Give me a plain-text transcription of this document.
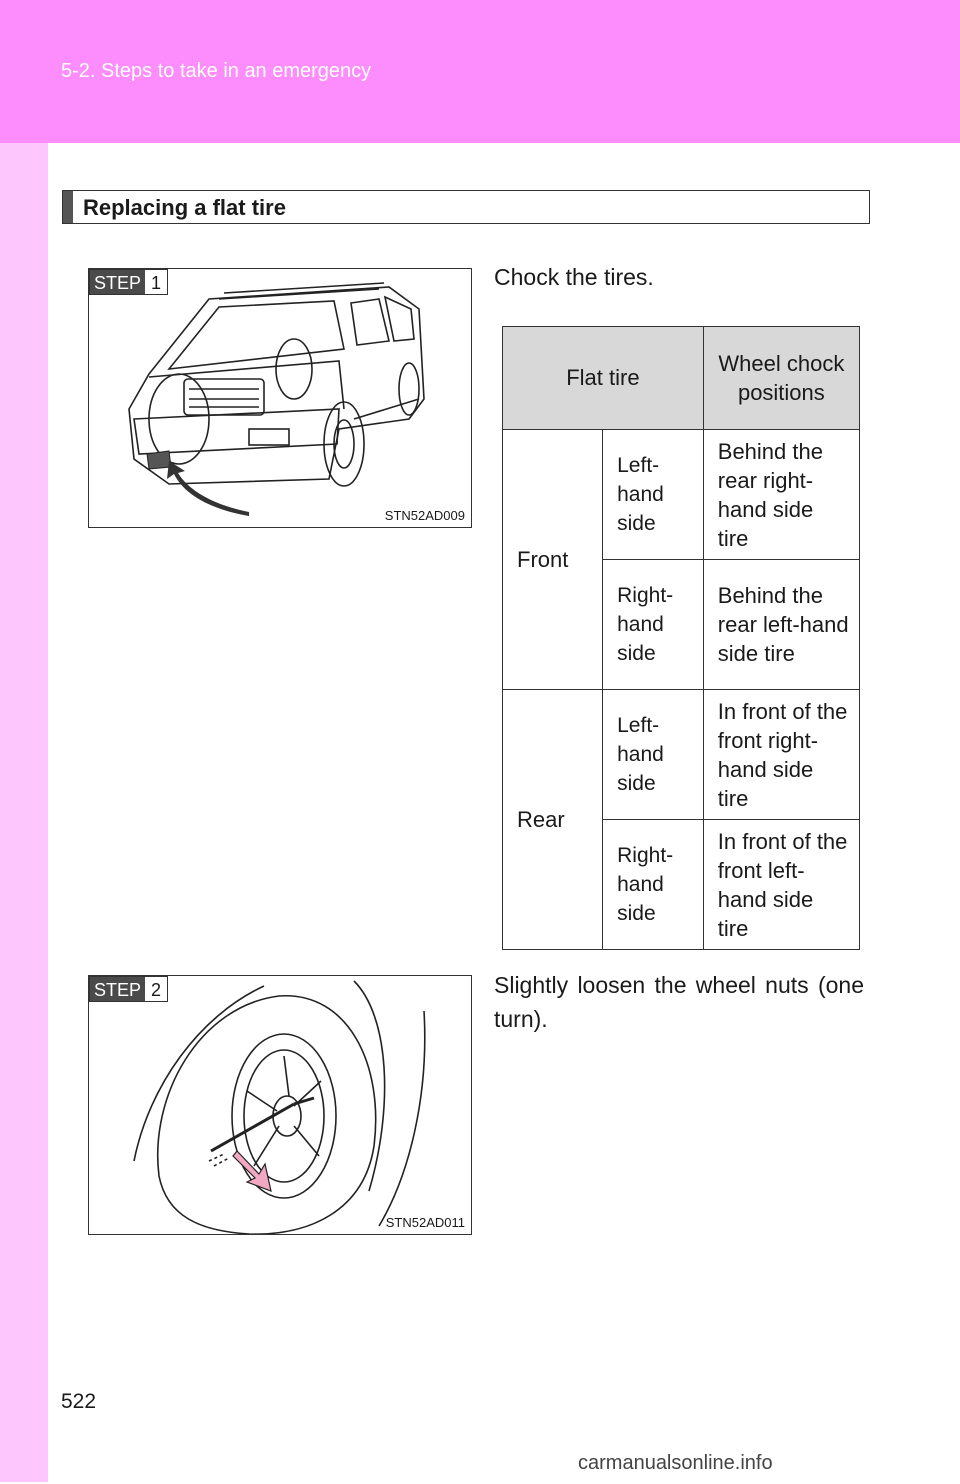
5-2. Steps to take in an emergency
Replacing a flat tire
STEP 1
STN52AD009
Chock the tires.
Flat tire		Wheel chock positions
Front	Left-hand side	Behind the rear right-hand side tire
	Right-hand side	Behind the rear left-hand side tire
Rear	Left-hand side	In front of the front right-hand side tire
	Right-hand side	In front of the front left-hand side tire
STEP 2
STN52AD011
Slightly loosen the wheel nuts (one turn).
522
carmanualsonline.info
